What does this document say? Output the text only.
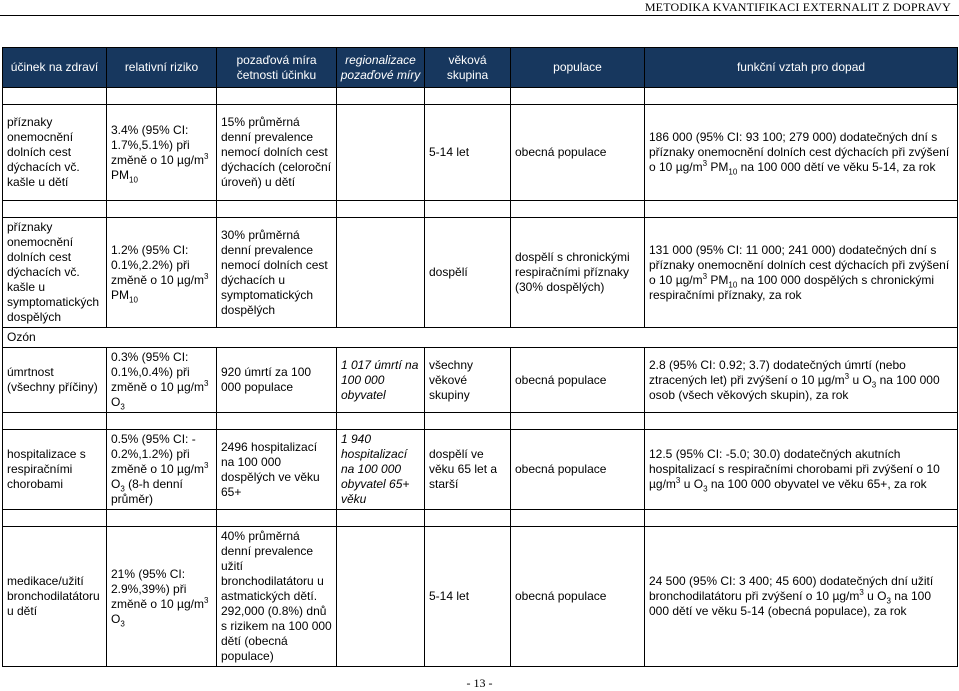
METODIKA KVANTIFIKACI EXTERNALIT Z DOPRAVY
účinek na zdraví	relativní riziko	pozaďová míra četnosti účinku	regionalizace pozaďové míry	věková skupina	populace	funkční vztah pro dopad

příznaky onemocnění dolních cest dýchacích vč. kašle u dětí	3.4% (95% CI: 1.7%,5.1%) při změně o 10 $\mu g/m^3$ $PM_{10}$	15% průměrná denní prevalence nemocí dolních cest dýchacích (celoroční úroveň) u dětí		5-14 let	obecná populace	186 000 (95% CI: 93 100; 279 000) dodatečných dní s příznaky onemocnění dolních cest dýchacích při zvýšení o 10 $\mu g/m^3$ $PM_{10}$ na 100 000 dětí ve věku 5-14, za rok

příznaky onemocnění dolních cest dýchacích vč. kašle u symptomatických dospělých	1.2% (95% CI: 0.1%,2.2%) při změně o 10 $\mu g/m^3$ $PM_{10}$	30% průměrná denní prevalence nemocí dolních cest dýchacích u symptomatických dospělých		dospělí	dospělí s chronickými respiračními příznaky (30% dospělých)	131 000 (95% CI: 11 000; 241 000) dodatečných dní s příznaky onemocnění dolních cest dýchacích při zvýšení o 10 $\mu g/m^3$ $PM_{10}$ na 100 000 dospělých s chronickými respiračními příznaky, za rok
Ozón						
úmrtnost (všechny příčiny)	0.3% (95% CI: 0.1%,0.4%) při změně o 10 $\mu g/m^3$ $O_3$	920 úmrtí za 100 000 populace	1 017 úmrtí na 100 000 obyvatel	všechny věkové skupiny	obecná populace	2.8 (95% CI: 0.92; 3.7) dodatečných úmrtí (nebo ztracených let) při zvýšení o 10 $\mu g/m^3$ u $O_3$ na 100 000 osob (všech věkových skupin), za rok

hospitalizace s respiračními chorobami	0.5% (95% CI: - 0.2%,1.2%) při změně o 10 $\mu g/m^3$ $O_3$ (8-h denní průměr)	2496 hospitalizací na 100 000 dospělých ve věku 65+	1 940 hospitalizací na 100 000 obyvatel 65+ věku	dospělí ve věku 65 let a starší	obecná populace	12.5 (95% CI: -5.0; 30.0) dodatečných akutních hospitalizací s respiračními chorobami při zvýšení o 10 $\mu g/m^3$ u $O_3$ na 100 000 obyvatel ve věku 65+, za rok

medikace/užití bronchodilatátoru u dětí	21% (95% CI: 2.9%,39%) při změně o 10 $\mu g/m^3$ $O_3$	40% průměrná denní prevalence užití bronchodilatátoru u astmatických dětí. 292,000 (0.8%) dnů s rizikem na 100 000 dětí (obecná populace)		5-14 let	obecná populace	24 500 (95% CI: 3 400; 45 600) dodatečných dní užití bronchodilatátoru při zvýšení o 10 $\mu g/m^3$ u $O_3$ na 100 000 dětí ve věku 5-14 (obecná populace), za rok
- 13 -
